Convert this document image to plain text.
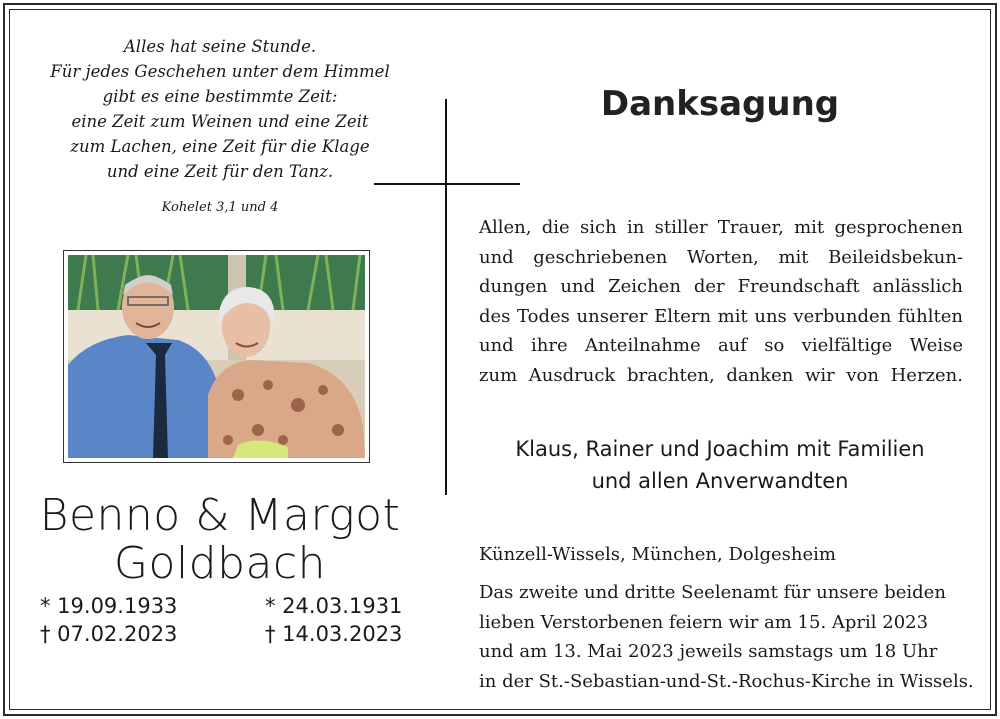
Alles hat seine Stunde.
Für jedes Geschehen unter dem Himmel
gibt es eine bestimmte Zeit:
eine Zeit zum Weinen und eine Zeit
zum Lachen, eine Zeit für die Klage
und eine Zeit für den Tanz.
Kohelet 3,1 und 4
Benno & Margot
Goldbach
* 19.09.1933
† 07.02.2023
* 24.03.1931
† 14.03.2023
Danksagung
Allen, die sich in stiller Trauer, mit gesprochenen
und geschriebenen Worten, mit Beileidsbekun-
dungen und Zeichen der Freundschaft anlässlich
des Todes unserer Eltern mit uns verbunden fühlten
und ihre Anteilnahme auf so vielfältige Weise
zum Ausdruck brachten, danken wir von Herzen.
Klaus, Rainer und Joachim mit Familien
und allen Anverwandten
Künzell-Wissels, München, Dolgesheim
Das zweite und dritte Seelenamt für unsere beiden
lieben Verstorbenen feiern wir am 15. April 2023
und am 13. Mai 2023 jeweils samstags um 18 Uhr
in der St.-Sebastian-und-St.-Rochus-Kirche in Wissels.
